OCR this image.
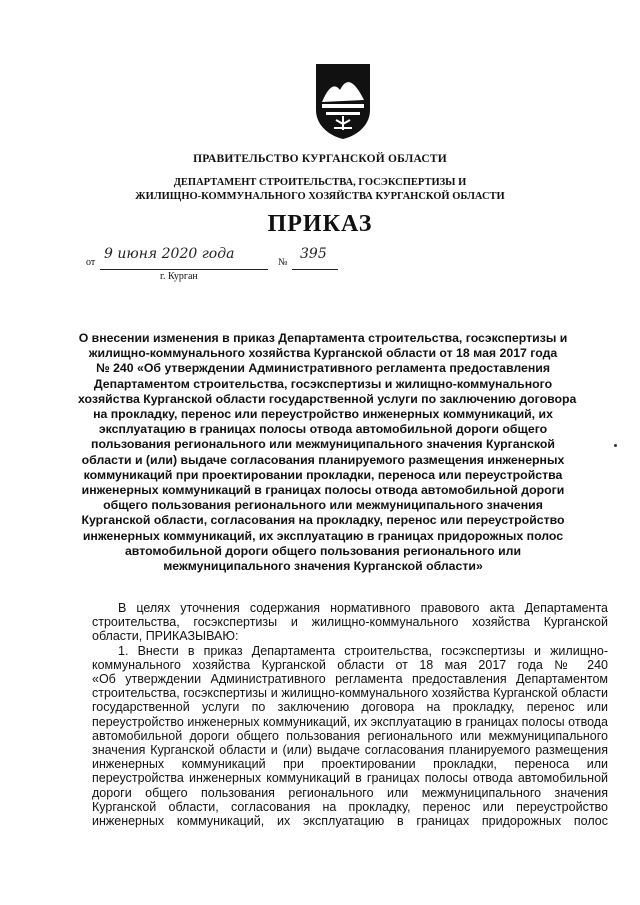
ПРАВИТЕЛЬСТВО КУРГАНСКОЙ ОБЛАСТИ
ДЕПАРТАМЕНТ СТРОИТЕЛЬСТВА, ГОСЭКСПЕРТИЗЫ И
ЖИЛИЩНО-КОММУНАЛЬНОГО ХОЗЯЙСТВА КУРГАНСКОЙ ОБЛАСТИ
ПРИКАЗ
от
9 июня 2020 года
№
395
г. Курган
О внесении изменения в приказ Департамента строительства, госэкспертизы и
жилищно-коммунального хозяйства Курганской области от 18 мая 2017 года
№ 240 «Об утверждении Административного регламента предоставления
Департаментом строительства, госэкспертизы и жилищно-коммунального
хозяйства Курганской области государственной услуги по заключению договора
на прокладку, перенос или переустройство инженерных коммуникаций, их
эксплуатацию в границах полосы отвода автомобильной дороги общего
пользования регионального или межмуниципального значения Курганской
области и (или) выдаче согласования планируемого размещения инженерных
коммуникаций при проектировании прокладки, переноса или переустройства
инженерных коммуникаций в границах полосы отвода автомобильной дороги
общего пользования регионального или межмуниципального значения
Курганской области, согласования на прокладку, перенос или переустройство
инженерных коммуникаций, их эксплуатацию в границах придорожных полос
автомобильной дороги общего пользования регионального или
межмуниципального значения Курганской области»
В целях уточнения содержания нормативного правового акта Департамента
строительства, госэкспертизы и жилищно-коммунального хозяйства Курганской
области, ПРИКАЗЫВАЮ:
1. Внести в приказ Департамента строительства, госэкспертизы и жилищно-
коммунального хозяйства Курганской области от 18 мая 2017 года № 240
«Об утверждении Административного регламента предоставления Департаментом
строительства, госэкспертизы и жилищно-коммунального хозяйства Курганской области
государственной услуги по заключению договора на прокладку, перенос или
переустройство инженерных коммуникаций, их эксплуатацию в границах полосы отвода
автомобильной дороги общего пользования регионального или межмуниципального
значения Курганской области и (или) выдаче согласования планируемого размещения
инженерных коммуникаций при проектировании прокладки, переноса или
переустройства инженерных коммуникаций в границах полосы отвода автомобильной
дороги общего пользования регионального или межмуниципального значения
Курганской области, согласования на прокладку, перенос или переустройство
инженерных коммуникаций, их эксплуатацию в границах придорожных полос
